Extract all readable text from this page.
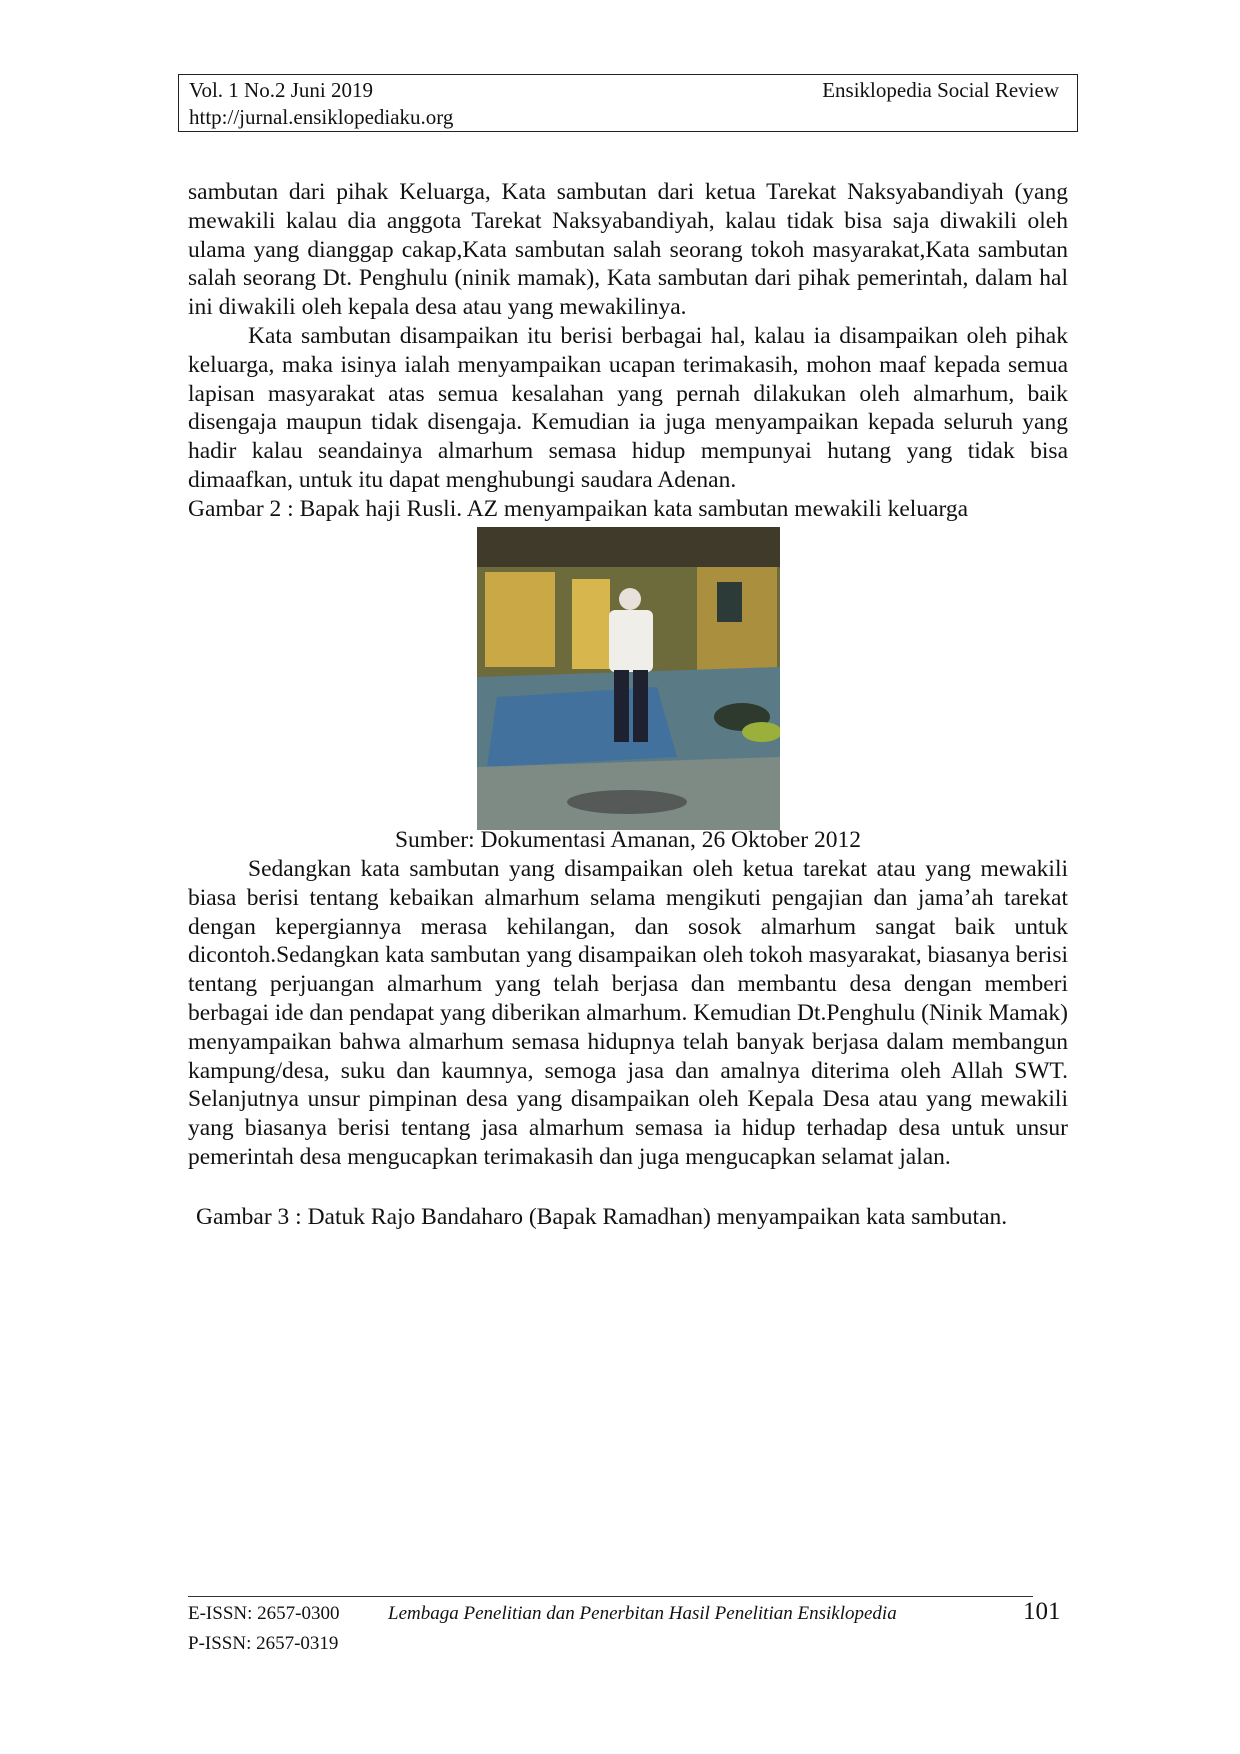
Vol. 1 No.2 Juni 2019
http://jurnal.ensiklopediaku.org
Ensiklopedia Social Review

sambutan dari pihak Keluarga, Kata sambutan dari ketua Tarekat Naksyabandiyah (yang mewakili kalau dia anggota Tarekat Naksyabandiyah, kalau tidak bisa saja diwakili oleh ulama yang dianggap cakap,Kata sambutan salah seorang tokoh masyarakat,Kata sambutan salah seorang Dt. Penghulu (ninik mamak), Kata sambutan dari pihak pemerintah, dalam hal ini diwakili oleh kepala desa atau yang mewakilinya.

Kata sambutan disampaikan itu berisi berbagai hal, kalau ia disampaikan oleh pihak keluarga, maka isinya ialah menyampaikan ucapan terimakasih, mohon maaf kepada semua lapisan masyarakat atas semua kesalahan yang pernah dilakukan oleh almarhum, baik disengaja maupun tidak disengaja. Kemudian ia juga menyampaikan kepada seluruh yang hadir kalau seandainya almarhum semasa hidup mempunyai hutang yang tidak bisa dimaafkan, untuk itu dapat menghubungi saudara Adenan.

Gambar 2 : Bapak haji Rusli. AZ menyampaikan kata sambutan mewakili keluarga

Sumber: Dokumentasi Amanan, 26 Oktober 2012

Sedangkan kata sambutan yang disampaikan oleh ketua tarekat atau yang mewakili biasa berisi tentang kebaikan almarhum selama mengikuti pengajian dan jama’ah tarekat dengan kepergiannya merasa kehilangan, dan sosok almarhum sangat baik untuk dicontoh.Sedangkan kata sambutan yang disampaikan oleh tokoh masyarakat, biasanya berisi tentang perjuangan almarhum yang telah berjasa dan membantu desa dengan memberi berbagai ide dan pendapat yang diberikan almarhum. Kemudian Dt.Penghulu (Ninik Mamak) menyampaikan bahwa almarhum semasa hidupnya telah banyak berjasa dalam membangun kampung/desa, suku dan kaumnya, semoga jasa dan amalnya diterima oleh Allah SWT. Selanjutnya unsur pimpinan desa yang disampaikan oleh Kepala Desa atau yang mewakili yang biasanya berisi tentang jasa almarhum semasa ia hidup terhadap desa untuk unsur pemerintah desa mengucapkan terimakasih dan juga mengucapkan selamat jalan.

Gambar 3 : Datuk Rajo Bandaharo (Bapak Ramadhan) menyampaikan kata sambutan.
E-ISSN: 2657-0300
P-ISSN: 2657-0319
Lembaga Penelitian dan Penerbitan Hasil Penelitian Ensiklopedia	101
